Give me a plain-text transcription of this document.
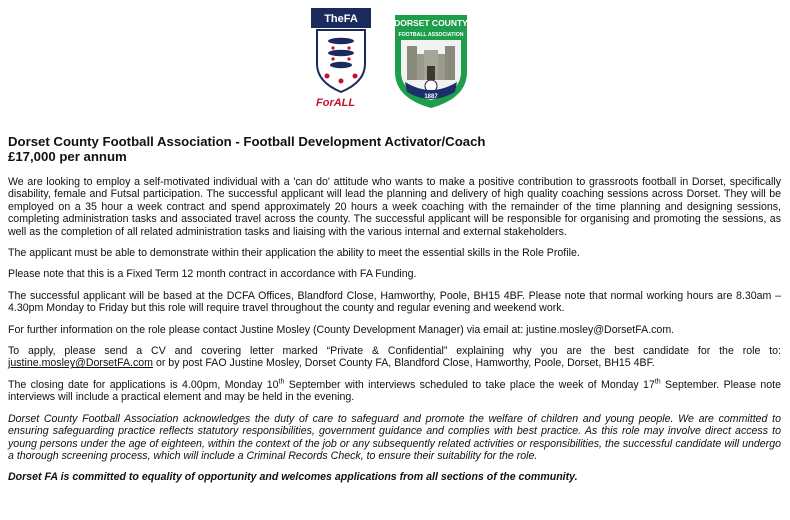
TheFA
ForALL
DORSET COUNTY
FOOTBALL ASSOCIATION
1887
Dorset County Football Association - Football Development Activator/Coach
£17,000 per annum

We are looking to employ a self-motivated individual with a 'can do' attitude who wants to make a positive contribution to grassroots football in Dorset, specifically disability, female and Futsal participation. The successful applicant will lead the planning and delivery of high quality coaching sessions across Dorset. They will be employed on a 35 hour a week contract and spend approximately 20 hours a week coaching with the remainder of the time planning and designing sessions, completing administration tasks and associated travel across the county. The successful applicant will be responsible for organising and promoting the sessions, as well as the completion of all related administration tasks and liaising with the various internal and external stakeholders.

The applicant must be able to demonstrate within their application the ability to meet the essential skills in the Role Profile.

Please note that this is a Fixed Term 12 month contract in accordance with FA Funding.

The successful applicant will be based at the DCFA Offices, Blandford Close, Hamworthy, Poole, BH15 4BF. Please note that normal working hours are 8.30am – 4.30pm Monday to Friday but this role will require travel throughout the county and regular evening and weekend work.

For further information on the role please contact Justine Mosley (County Development Manager) via email at: justine.mosley@DorsetFA.com.

To apply, please send a CV and covering letter marked “Private & Confidential” explaining why you are the best candidate for the role to: justine.mosley@DorsetFA.com or by post FAO Justine Mosley, Dorset County FA, Blandford Close, Hamworthy, Poole, Dorset, BH15 4BF.

The closing date for applications is 4.00pm, Monday 10th September with interviews scheduled to take place the week of Monday 17th September. Please note interviews will include a practical element and may be held in the evening.

Dorset County Football Association acknowledges the duty of care to safeguard and promote the welfare of children and young people. We are committed to ensuring safeguarding practice reflects statutory responsibilities, government guidance and complies with best practice. As this role may involve direct access to young persons under the age of eighteen, within the context of the job or any subsequently related activities or responsibilities, the successful candidate will undergo a thorough screening process, which will include a Criminal Records Check, to ensure their suitability for the role.

Dorset FA is committed to equality of opportunity and welcomes applications from all sections of the community.
